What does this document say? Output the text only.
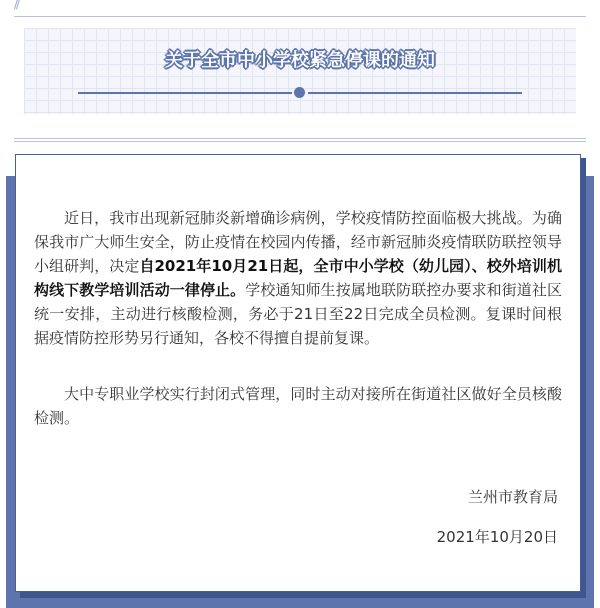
//
关于全市中小学校紧急停课的通知

近日，我市出现新冠肺炎新增确诊病例，学校疫情防控面临极大挑战。为确保我市广大师生安全，防止疫情在校园内传播，经市新冠肺炎疫情联防联控领导小组研判，决定自2021年10月21日起，全市中小学校（幼儿园）、校外培训机构线下教学培训活动一律停止。学校通知师生按属地联防联控办要求和街道社区统一安排，主动进行核酸检测，务必于21日至22日完成全员检测。复课时间根据疫情防控形势另行通知，各校不得擅自提前复课。

大中专职业学校实行封闭式管理，同时主动对接所在街道社区做好全员核酸检测。

兰州市教育局
2021年10月20日
